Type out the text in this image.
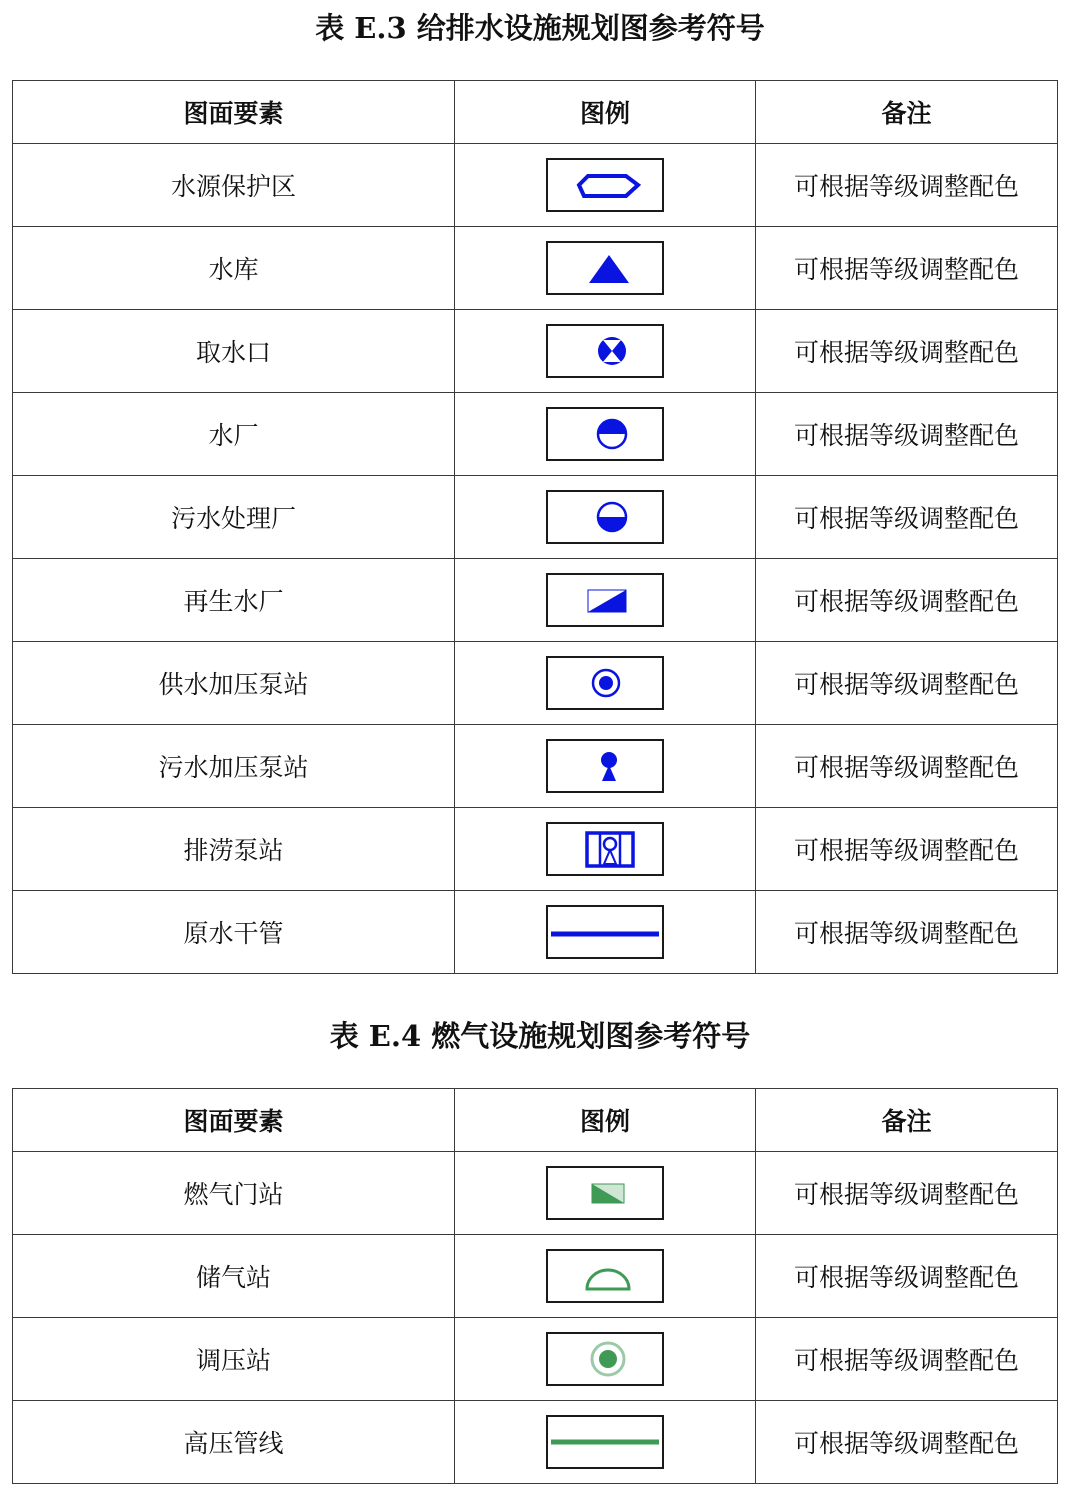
表 E.3 给排水设施规划图参考符号
图面要素	图例	备注
水源保护区		可根据等级调整配色
水库		可根据等级调整配色
取水口		可根据等级调整配色
水厂		可根据等级调整配色
污水处理厂		可根据等级调整配色
再生水厂		可根据等级调整配色
供水加压泵站		可根据等级调整配色
污水加压泵站		可根据等级调整配色
排涝泵站		可根据等级调整配色
原水干管		可根据等级调整配色
表 E.4 燃气设施规划图参考符号
图面要素	图例	备注
燃气门站		可根据等级调整配色
储气站		可根据等级调整配色
调压站		可根据等级调整配色
高压管线		可根据等级调整配色
